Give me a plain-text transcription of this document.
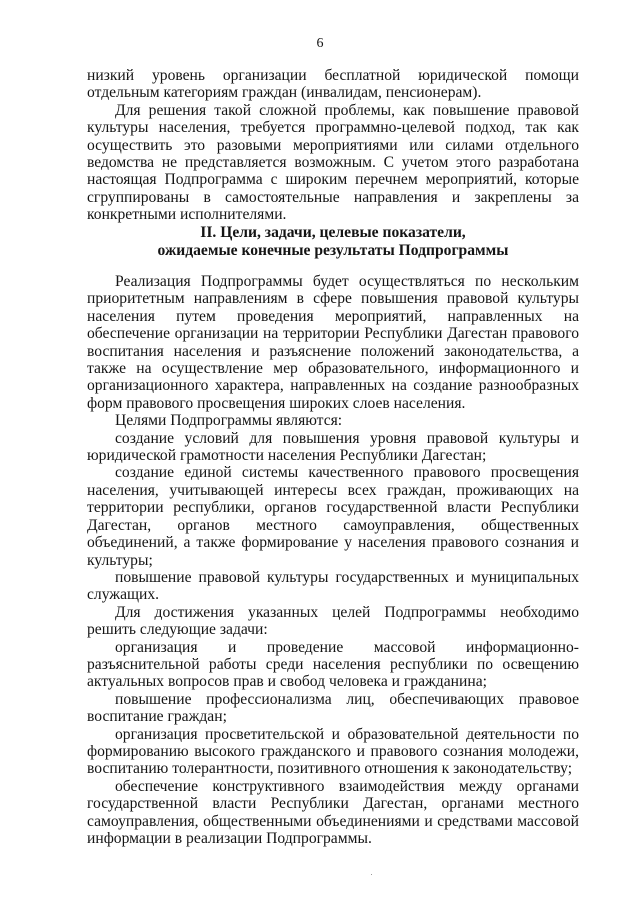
6

низкий уровень организации бесплатной юридической помощи отдельным категориям граждан (инвалидам, пенсионерам).

Для решения такой сложной проблемы, как повышение правовой культуры населения, требуется программно-целевой подход, так как осуществить это разовыми мероприятиями или силами отдельного ведомства не представляется возможным. С учетом этого разработана настоящая Подпрограмма с широким перечнем мероприятий, которые сгруппированы в самостоятельные направления и закреплены за конкретными исполнителями.

II. Цели, задачи, целевые показатели,
ожидаемые конечные результаты Подпрограммы

Реализация Подпрограммы будет осуществляться по нескольким приоритетным направлениям в сфере повышения правовой культуры населения путем проведения мероприятий, направленных на обеспечение организации на территории Республики Дагестан правового воспитания населения и разъяснение положений законодательства, а также на осуществление мер образовательного, информационного и организационного характера, направленных на создание разнообразных форм правового просвещения широких слоев населения.

Целями Подпрограммы являются:

создание условий для повышения уровня правовой культуры и юридической грамотности населения Республики Дагестан;

создание единой системы качественного правового просвещения населения, учитывающей интересы всех граждан, проживающих на территории республики, органов государственной власти Республики Дагестан, органов местного самоуправления, общественных объединений, а также формирование у населения правового сознания и культуры;

повышение правовой культуры государственных и муниципальных служащих.

Для достижения указанных целей Подпрограммы необходимо решить следующие задачи:

организация и проведение массовой информационно-разъяснительной работы среди населения республики по освещению актуальных вопросов прав и свобод человека и гражданина;

повышение профессионализма лиц, обеспечивающих правовое воспитание граждан;

организация просветительской и образовательной деятельности по формированию высокого гражданского и правового сознания молодежи, воспитанию толерантности, позитивного отношения к законодательству;

обеспечение конструктивного взаимодействия между органами государственной власти Республики Дагестан, органами местного самоуправления, общественными объединениями и средствами массовой информации в реализации Подпрограммы.
